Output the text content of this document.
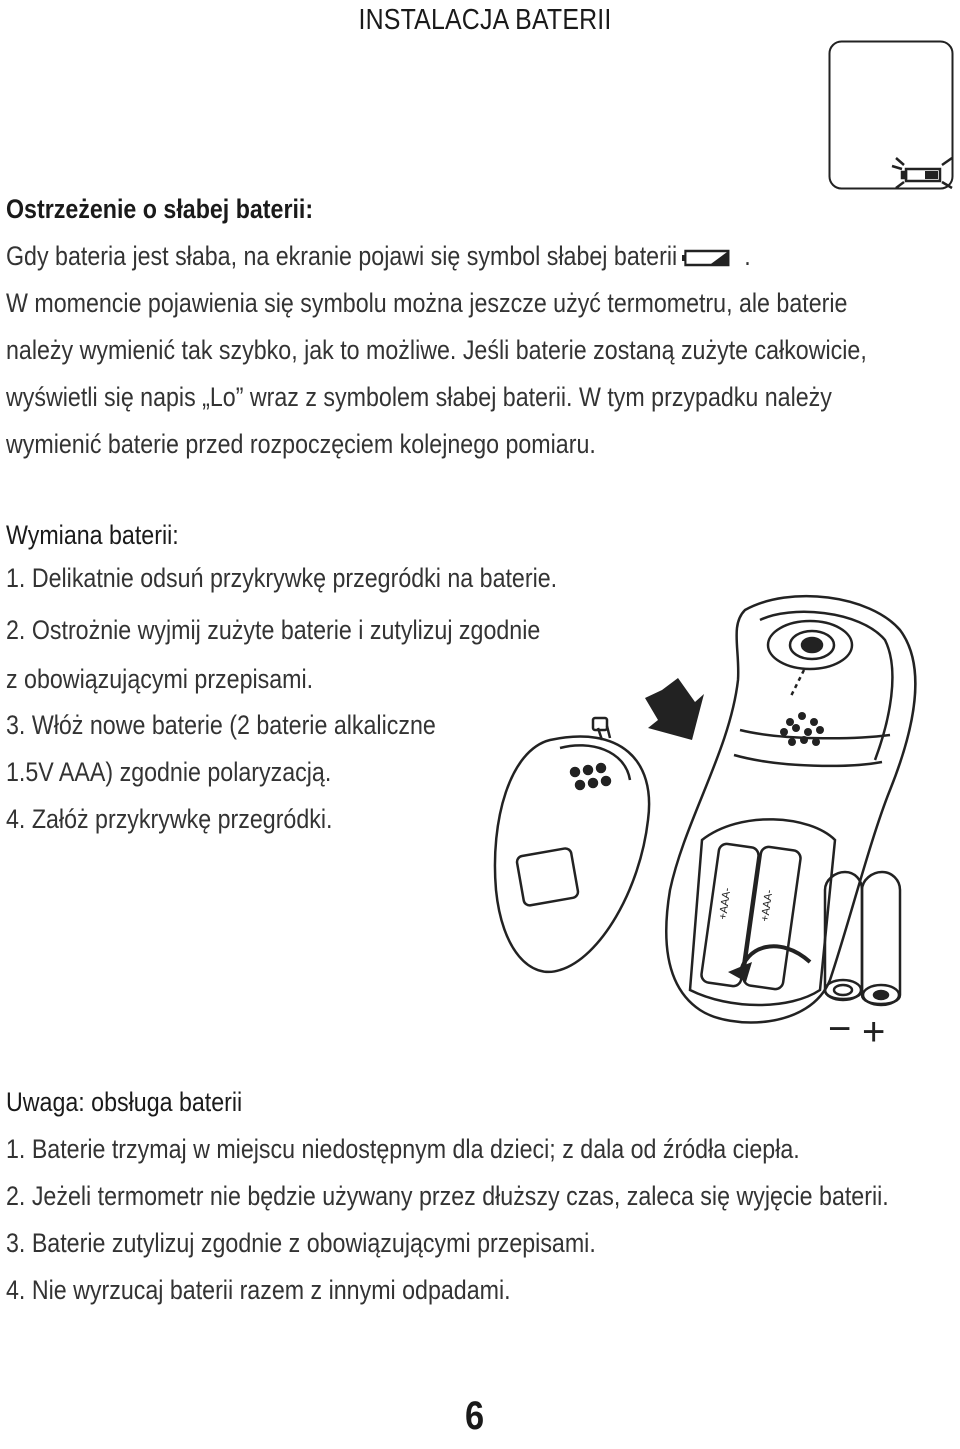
INSTALACJA BATERII
Ostrzeżenie o słabej baterii:
Gdy bateria jest słaba, na ekranie pojawi się symbol słabej baterii .
W momencie pojawienia się symbolu można jeszcze użyć termometru, ale baterie
należy wymienić tak szybko, jak to możliwe. Jeśli baterie zostaną zużyte całkowicie,
wyświetli się napis „Lo” wraz z symbolem słabej baterii. W tym przypadku należy
wymienić baterie przed rozpoczęciem kolejnego pomiaru.
Wymiana baterii:
1. Delikatnie odsuń przykrywkę przegródki na baterie.
2. Ostrożnie wyjmij zużyte baterie i zutylizuj zgodnie
z obowiązującymi przepisami.
3. Włóż nowe baterie (2 baterie alkaliczne
1.5V AAA) zgodnie polaryzacją.
4. Załóż przykrywkę przegródki.
+AAA- +AAA-
− +
Uwaga: obsługa baterii
1. Baterie trzymaj w miejscu niedostępnym dla dzieci; z dala od źródła ciepła.
2. Jeżeli termometr nie będzie używany przez dłuższy czas, zaleca się wyjęcie baterii.
3. Baterie zutylizuj zgodnie z obowiązującymi przepisami.
4. Nie wyrzucaj baterii razem z innymi odpadami.
6
